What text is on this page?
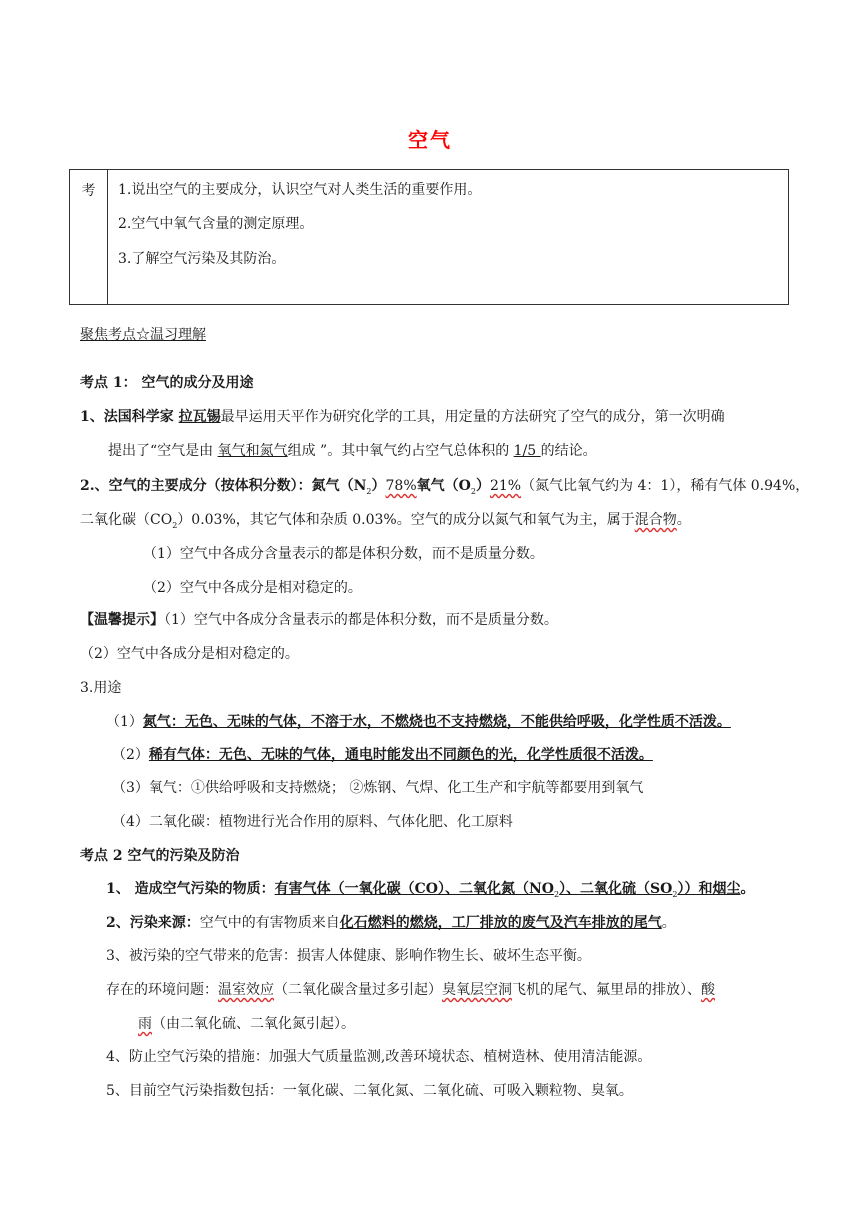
空气
考	1.说出空气的主要成分，认识空气对人类生活的重要作用。
2.空气中氧气含量的测定原理。
3.了解空气污染及其防治。
聚焦考点☆温习理解
考点 1： 空气的成分及用途
1、法国科学家 拉瓦锡最早运用天平作为研究化学的工具，用定量的方法研究了空气的成分，第一次明确
提出了“空气是由 氧气和氮气组成 ”。其中氧气约占空气总体积的 1/5 的结论。
2.、空气的主要成分（按体积分数）：氮气$(N_2)78\%$氧气$(O_2)21\%$（氮气比氧气约为 4：1），稀有气体 0.94%，
二氧化碳$(CO_2)0.03\%$，其它气体和杂质 0.03%。空气的成分以氮气和氧气为主，属于混合物。
（1）空气中各成分含量表示的都是体积分数，而不是质量分数。
（2）空气中各成分是相对稳定的。
【温馨提示】（1）空气中各成分含量表示的都是体积分数，而不是质量分数。
（2）空气中各成分是相对稳定的。
3.用途
（1）氮气：无色、无味的气体，不溶于水，不燃烧也不支持燃烧，不能供给呼吸，化学性质不活泼。
（2）稀有气体：无色、无味的气体，通电时能发出不同颜色的光，化学性质很不活泼。
（3）氧气：①供给呼吸和支持燃烧； ②炼钢、气焊、化工生产和宇航等都要用到氧气
（4）二氧化碳：植物进行光合作用的原料、气体化肥、化工原料
考点 2 空气的污染及防治
1、 造成空气污染的物质：有害气体（一氧化碳（CO）、二氧化氮$(NO_2)$、二氧化硫$(SO_2)$）和烟尘。
2、污染来源：空气中的有害物质来自化石燃料的燃烧，工厂排放的废气及汽车排放的尾气。
3、被污染的空气带来的危害：损害人体健康、影响作物生长、破坏生态平衡。
存在的环境问题：温室效应（二氧化碳含量过多引起）臭氧层空洞飞机的尾气、氟里昂的排放）、酸
雨（由二氧化硫、二氧化氮引起）。
4、防止空气污染的措施：加强大气质量监测,改善环境状态、植树造林、使用清洁能源。
5、目前空气污染指数包括：一氧化碳、二氧化氮、二氧化硫、可吸入颗粒物、臭氧。
